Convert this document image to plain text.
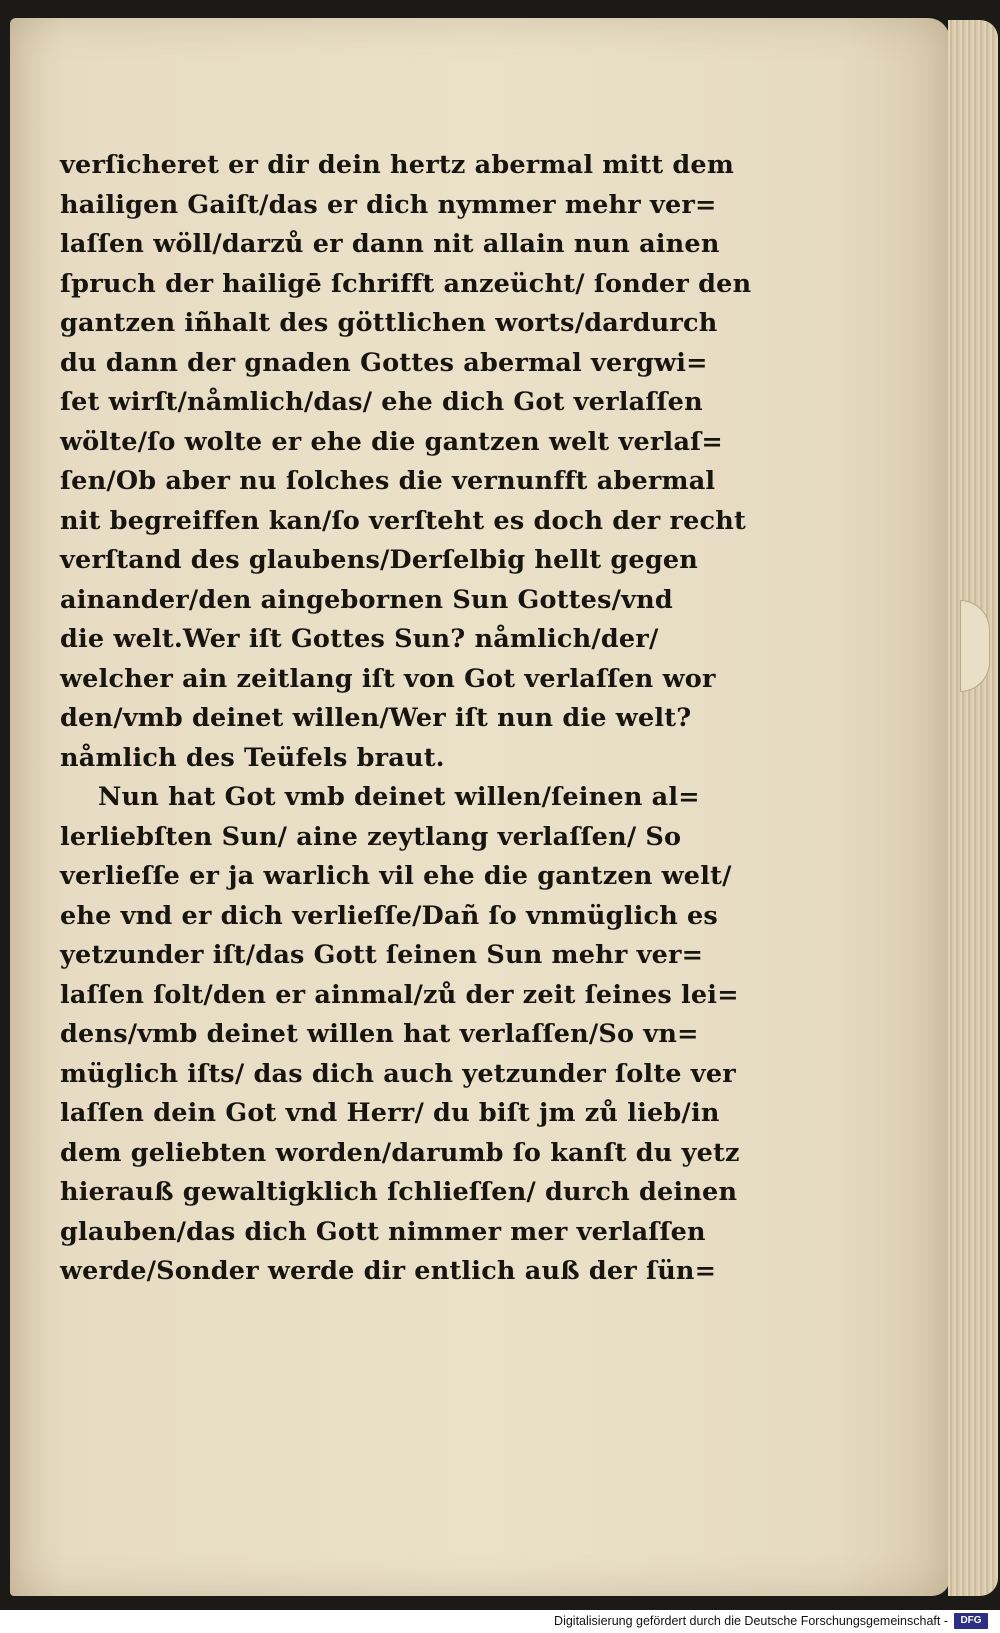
verſicheret er dir dein hertz abermal mitt dem
hailigen Gaiſt/das er dich nymmer mehr ver=
laſſen wöll/darzů er dann nit allain nun ainen
ſpruch der hailigē ſchrifft anzeücht/ ſonder den
gantzen iñhalt des göttlichen worts/dardurch
du dann der gnaden Gottes abermal vergwi=
ſet wirſt/nåmlich/das/ ehe dich Got verlaſſen
wölte/ſo wolte er ehe die gantzen welt verlaſ=
ſen/Ob aber nu ſolches die vernunfft abermal
nit begreiffen kan/ſo verſteht es doch der recht
verſtand des glaubens/Derſelbig hellt gegen
ainander/den aingebornen Sun Gottes/vnd
die welt.Wer iſt Gottes Sun? nåmlich/der/
welcher ain zeitlang iſt von Got verlaſſen wor
den/vmb deinet willen/Wer iſt nun die welt?
nåmlich des Teüfels braut.
Nun hat Got vmb deinet willen/ſeinen al=
lerliebſten Sun/ aine zeytlang verlaſſen/ So
verlieſſe er ja warlich vil ehe die gantzen welt/
ehe vnd er dich verlieſſe/Dañ ſo vnmüglich es
yetzunder iſt/das Gott ſeinen Sun mehr ver=
laſſen ſolt/den er ainmal/zů der zeit ſeines lei=
dens/vmb deinet willen hat verlaſſen/So vn=
müglich iſts/ das dich auch yetzunder ſolte ver
laſſen dein Got vnd Herr/ du biſt jm zů lieb/in
dem geliebten worden/darumb ſo kanſt du yetz
hierauß gewaltigklich ſchlieſſen/ durch deinen
glauben/das dich Gott nimmer mer verlaſſen
werde/Sonder werde dir entlich auß der ſün=
Digitalisierung gefördert durch die Deutsche Forschungsgemeinschaft -	DFG
